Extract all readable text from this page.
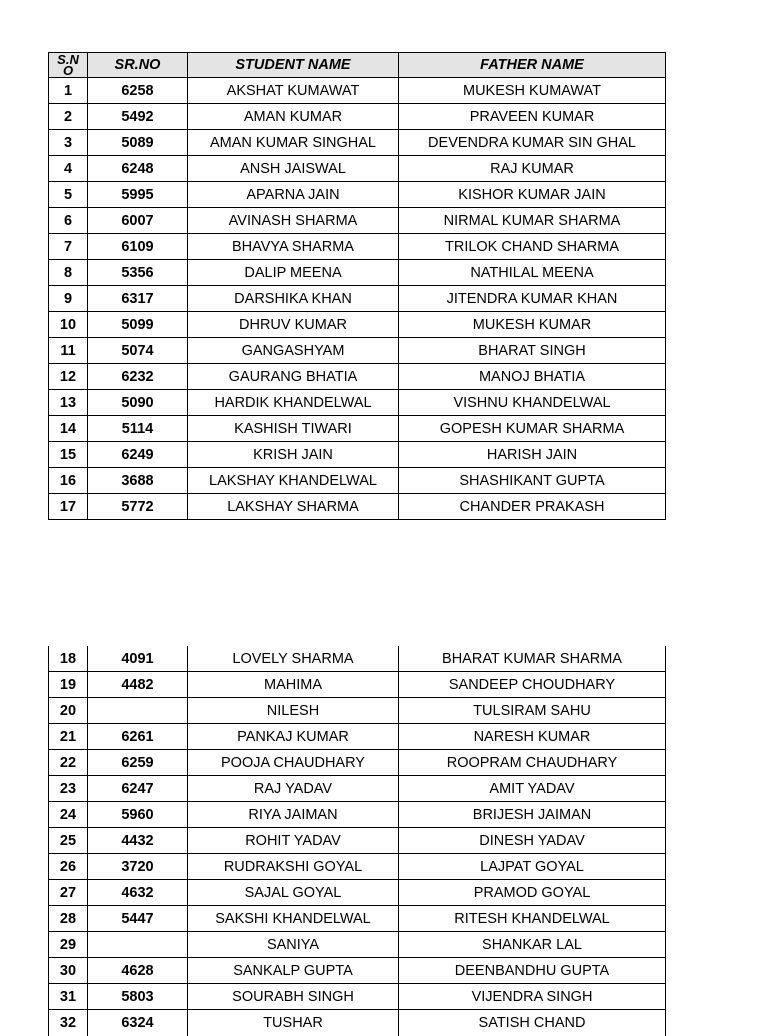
S.N
O	SR.NO	STUDENT NAME	FATHER NAME
1	6258	AKSHAT KUMAWAT	MUKESH KUMAWAT
2	5492	AMAN KUMAR	PRAVEEN KUMAR
3	5089	AMAN KUMAR SINGHAL	DEVENDRA KUMAR SIN GHAL
4	6248	ANSH JAISWAL	RAJ KUMAR
5	5995	APARNA JAIN	KISHOR KUMAR JAIN
6	6007	AVINASH SHARMA	NIRMAL KUMAR SHARMA
7	6109	BHAVYA SHARMA	TRILOK CHAND SHARMA
8	5356	DALIP MEENA	NATHILAL MEENA
9	6317	DARSHIKA KHAN	JITENDRA KUMAR KHAN
10	5099	DHRUV KUMAR	MUKESH KUMAR
11	5074	GANGASHYAM	BHARAT SINGH
12	6232	GAURANG BHATIA	MANOJ BHATIA
13	5090	HARDIK KHANDELWAL	VISHNU KHANDELWAL
14	5114	KASHISH TIWARI	GOPESH KUMAR SHARMA
15	6249	KRISH JAIN	HARISH JAIN
16	3688	LAKSHAY KHANDELWAL	SHASHIKANT GUPTA
17	5772	LAKSHAY SHARMA	CHANDER PRAKASH
18	4091	LOVELY SHARMA	BHARAT KUMAR SHARMA
19	4482	MAHIMA	SANDEEP CHOUDHARY
20		NILESH	TULSIRAM SAHU
21	6261	PANKAJ KUMAR	NARESH KUMAR
22	6259	POOJA CHAUDHARY	ROOPRAM CHAUDHARY
23	6247	RAJ YADAV	AMIT YADAV
24	5960	RIYA JAIMAN	BRIJESH JAIMAN
25	4432	ROHIT YADAV	DINESH YADAV
26	3720	RUDRAKSHI GOYAL	LAJPAT GOYAL
27	4632	SAJAL GOYAL	PRAMOD GOYAL
28	5447	SAKSHI KHANDELWAL	RITESH KHANDELWAL
29		SANIYA	SHANKAR LAL
30	4628	SANKALP GUPTA	DEENBANDHU GUPTA
31	5803	SOURABH SINGH	VIJENDRA SINGH
32	6324	TUSHAR	SATISH CHAND
